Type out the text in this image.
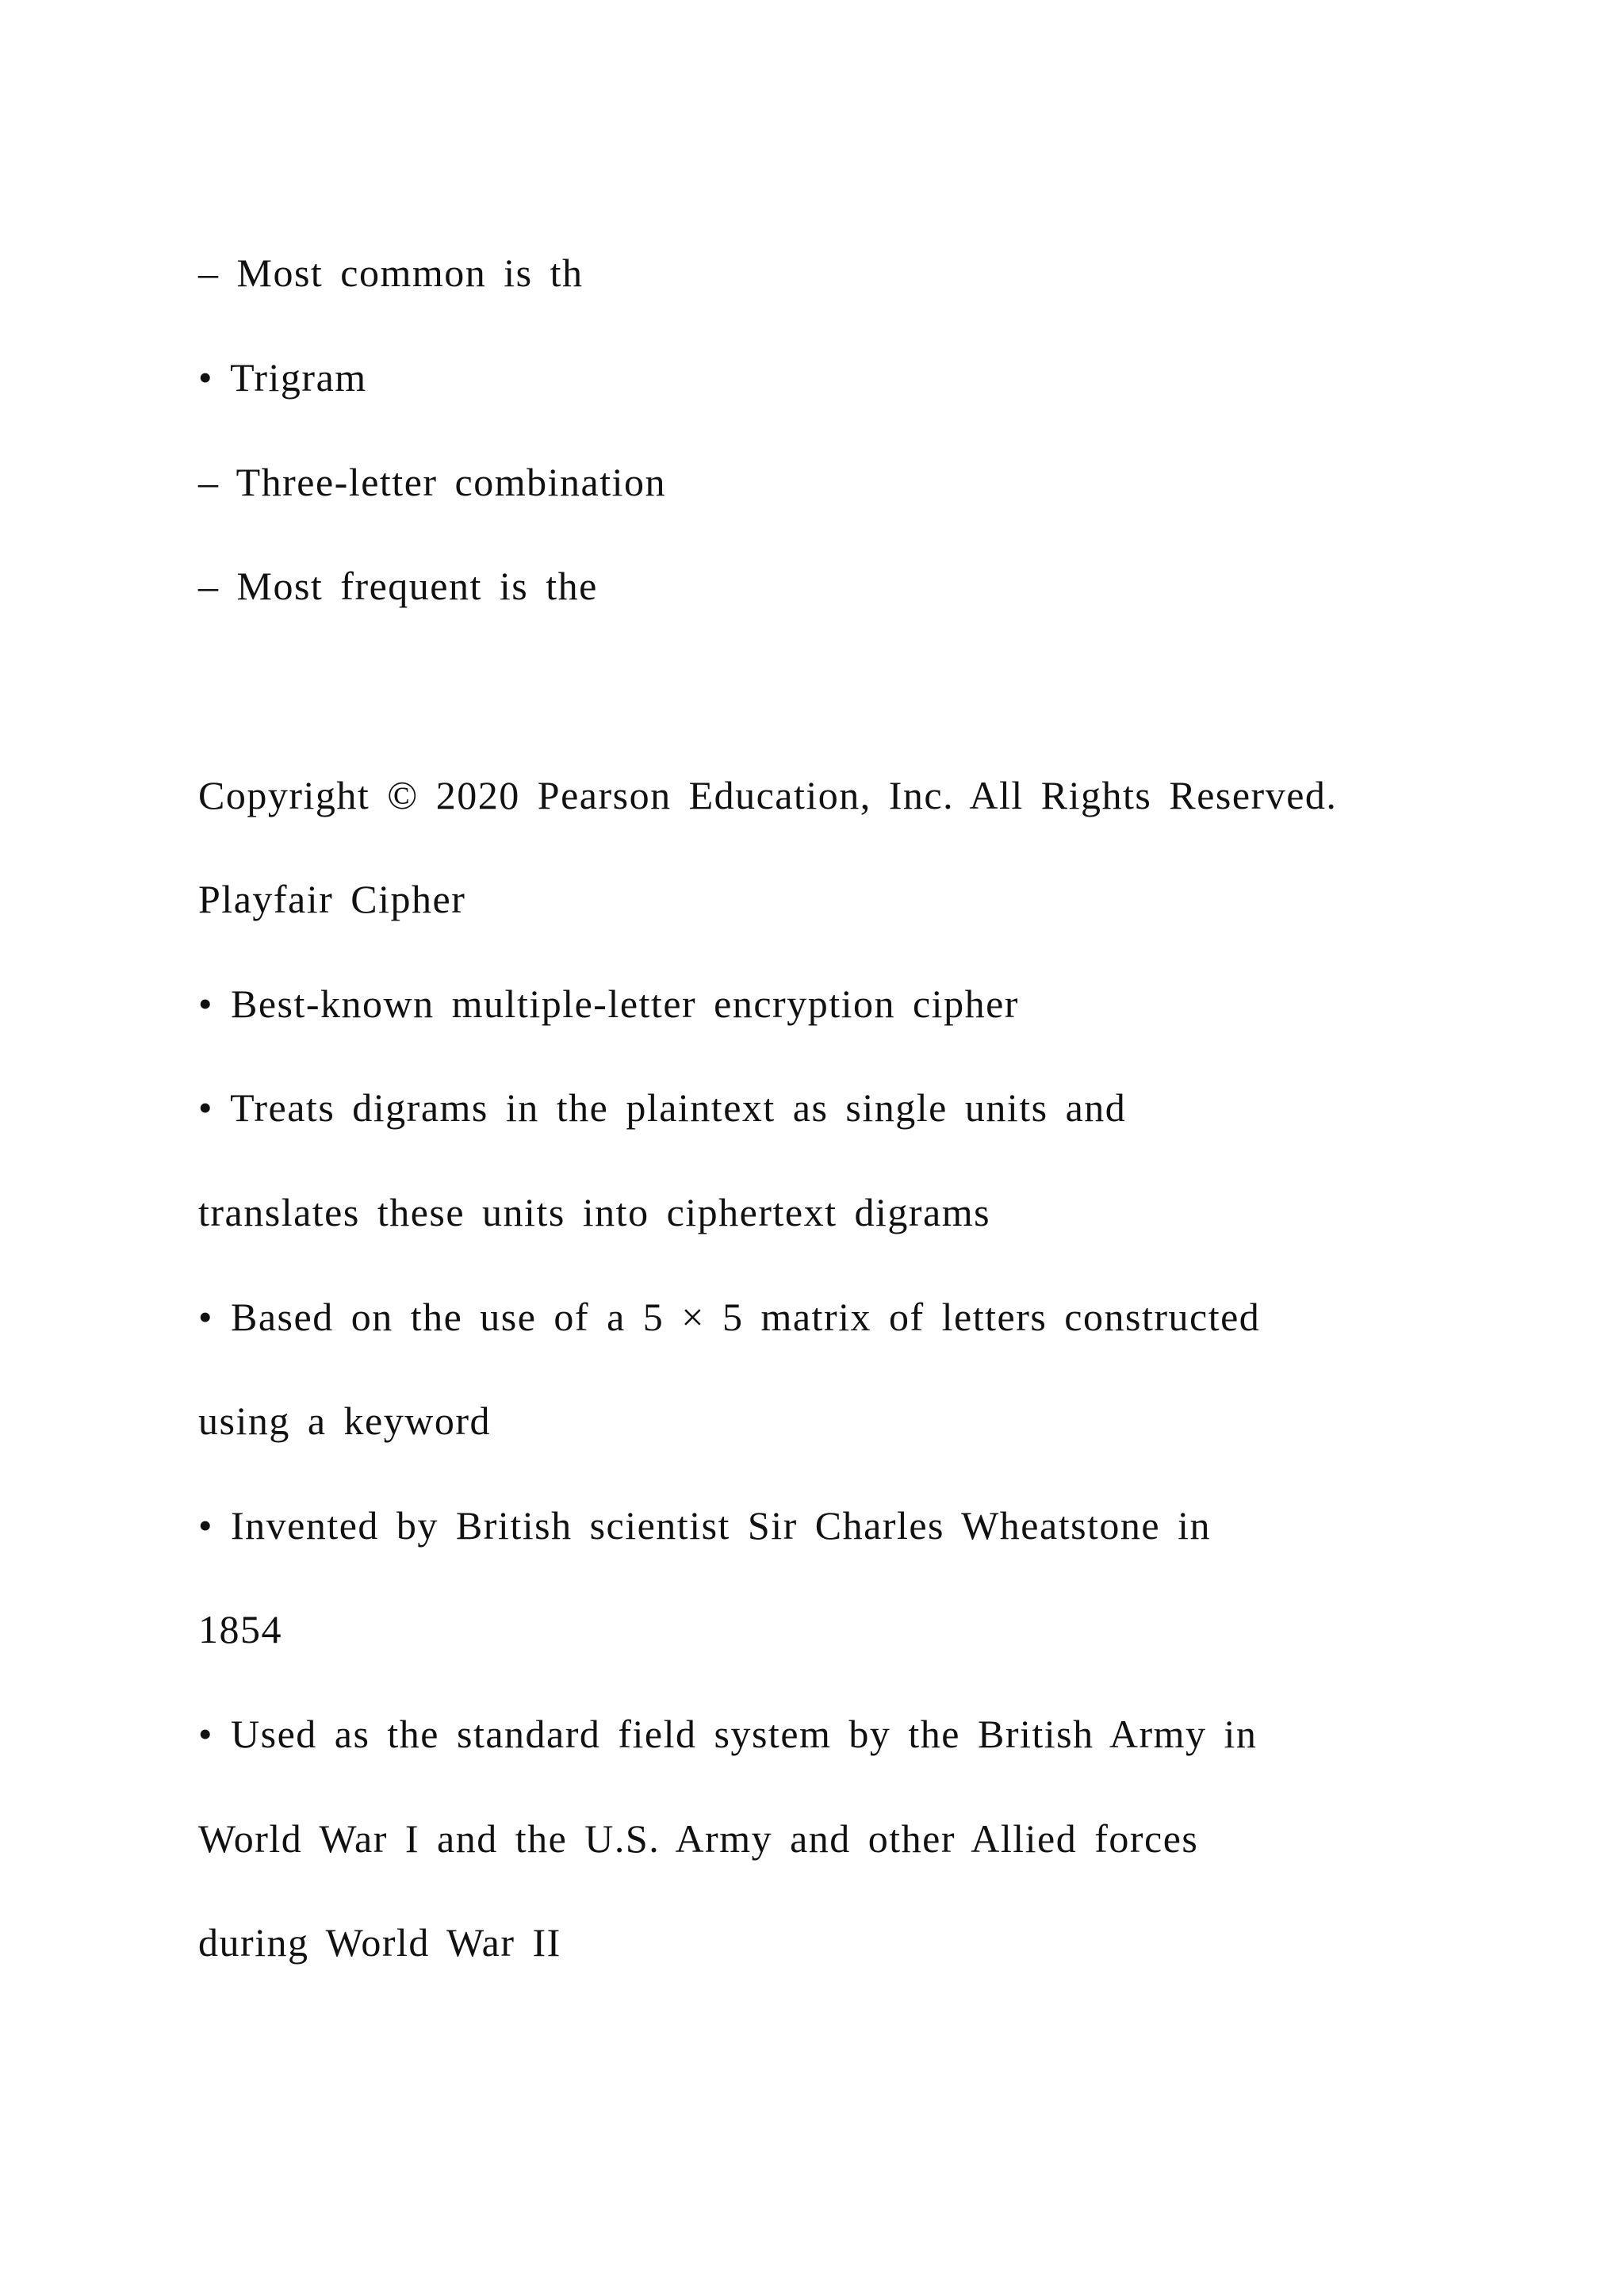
– Most common is th
• Trigram
– Three-letter combination
– Most frequent is the
Copyright © 2020 Pearson Education, Inc. All Rights Reserved.
Playfair Cipher
• Best-known multiple-letter encryption cipher
• Treats digrams in the plaintext as single units and
translates these units into ciphertext digrams
• Based on the use of a 5 × 5 matrix of letters constructed
using a keyword
• Invented by British scientist Sir Charles Wheatstone in
1854
• Used as the standard field system by the British Army in
World War I and the U.S. Army and other Allied forces
during World War II
